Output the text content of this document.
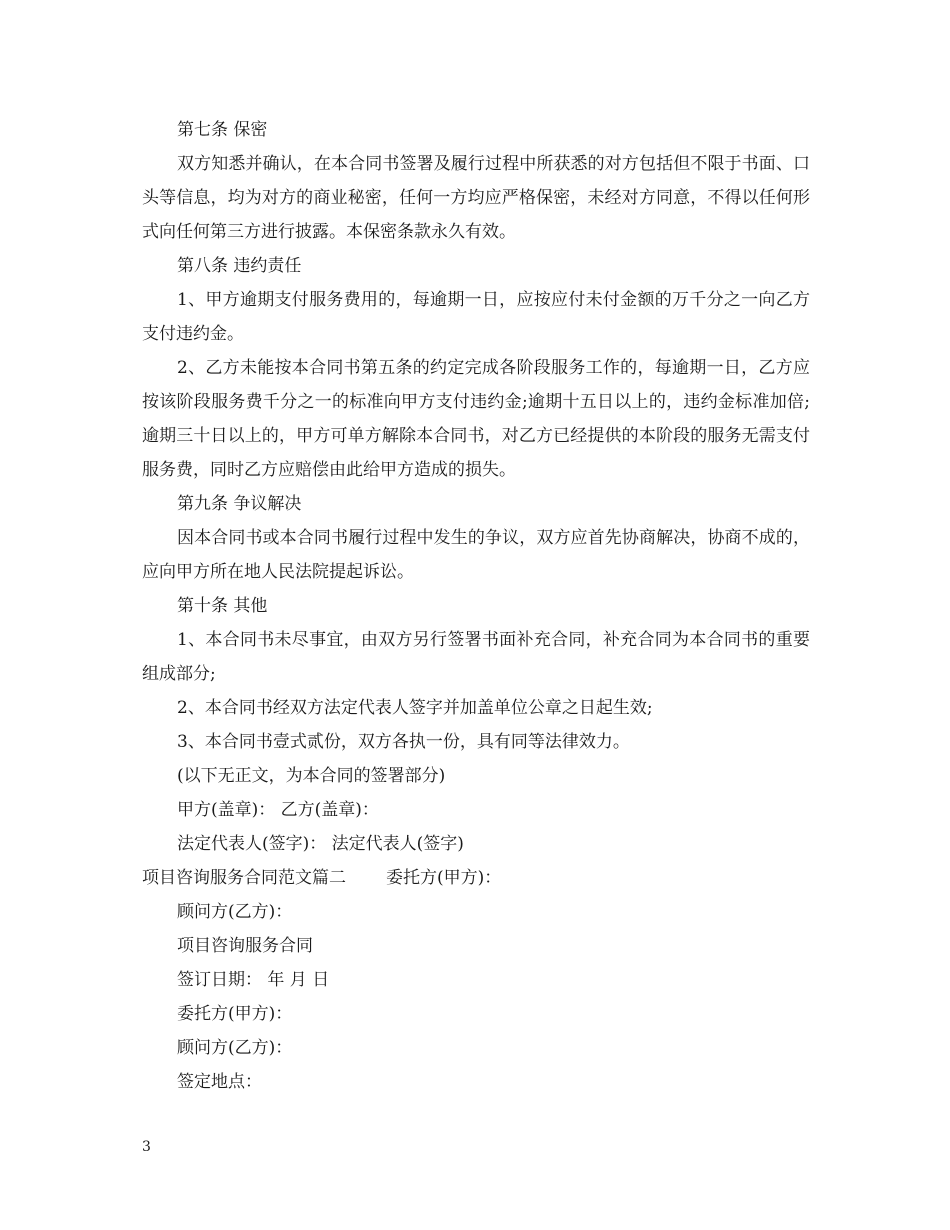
第七条 保密

双方知悉并确认，在本合同书签署及履行过程中所获悉的对方包括但不限于书面、口头等信息，均为对方的商业秘密，任何一方均应严格保密，未经对方同意，不得以任何形式向任何第三方进行披露。本保密条款永久有效。

第八条 违约责任

1、甲方逾期支付服务费用的，每逾期一日，应按应付未付金额的万千分之一向乙方支付违约金。

2、乙方未能按本合同书第五条的约定完成各阶段服务工作的，每逾期一日，乙方应按该阶段服务费千分之一的标准向甲方支付违约金;逾期十五日以上的，违约金标准加倍;逾期三十日以上的，甲方可单方解除本合同书，对乙方已经提供的本阶段的服务无需支付服务费，同时乙方应赔偿由此给甲方造成的损失。

第九条 争议解决

因本合同书或本合同书履行过程中发生的争议，双方应首先协商解决，协商不成的，应向甲方所在地人民法院提起诉讼。

第十条 其他

1、本合同书未尽事宜，由双方另行签署书面补充合同，补充合同为本合同书的重要组成部分;

2、本合同书经双方法定代表人签字并加盖单位公章之日起生效;

3、本合同书壹式贰份，双方各执一份，具有同等法律效力。

(以下无正文，为本合同的签署部分)

甲方(盖章)： 乙方(盖章)：

法定代表人(签字)： 法定代表人(签字)

项目咨询服务合同范文篇二 委托方(甲方)：

顾问方(乙方)：

项目咨询服务合同

签订日期： 年 月 日

委托方(甲方)：

顾问方(乙方)：

签定地点：

3
